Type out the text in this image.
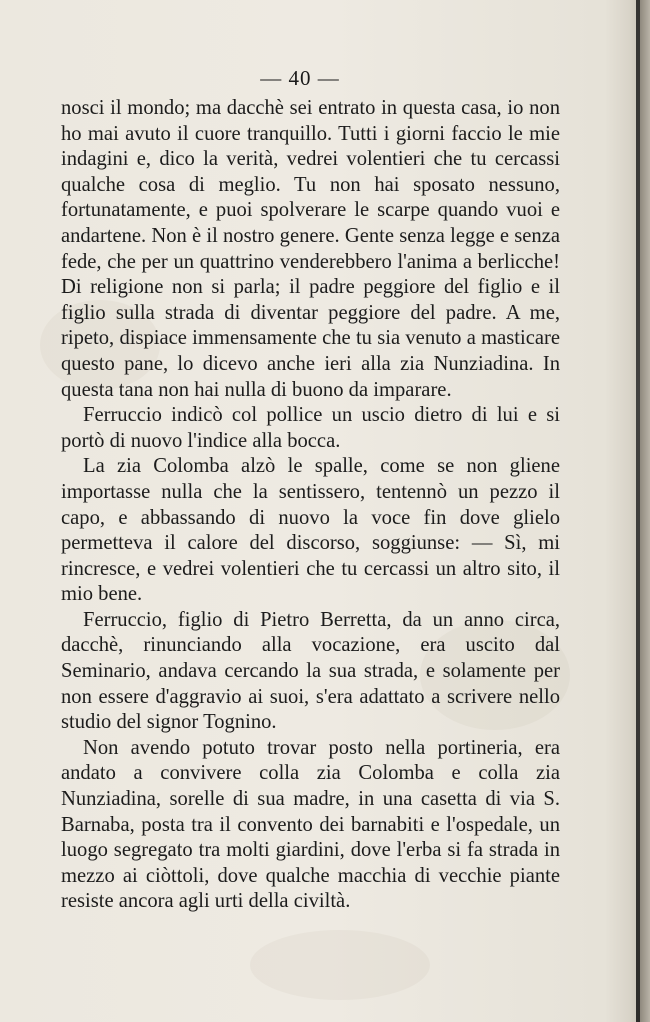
— 40 —

nosci il mondo; ma dacchè sei entrato in questa casa, io non ho mai avuto il cuore tranquillo. Tutti i giorni faccio le mie indagini e, dico la verità, vedrei volentieri che tu cercassi qualche cosa di meglio. Tu non hai sposato nessuno, fortunatamente, e puoi spolverare le scarpe quando vuoi e andartene. Non è il nostro genere. Gente senza legge e senza fede, che per un quattrino venderebbero l'anima a berlicche! Di religione non si parla; il padre peggiore del figlio e il figlio sulla strada di diventar peggiore del padre. A me, ripeto, dispiace immensamente che tu sia venuto a masticare questo pane, lo dicevo anche ieri alla zia Nunziadina. In questa tana non hai nulla di buono da imparare.

Ferruccio indicò col pollice un uscio dietro di lui e si portò di nuovo l'indice alla bocca.

La zia Colomba alzò le spalle, come se non gliene importasse nulla che la sentissero, tentennò un pezzo il capo, e abbassando di nuovo la voce fin dove glielo permetteva il calore del discorso, soggiunse: — Sì, mi rincresce, e vedrei volentieri che tu cercassi un altro sito, il mio bene.

Ferruccio, figlio di Pietro Berretta, da un anno circa, dacchè, rinunciando alla vocazione, era uscito dal Seminario, andava cercando la sua strada, e solamente per non essere d'aggravio ai suoi, s'era adattato a scrivere nello studio del signor Tognino.

Non avendo potuto trovar posto nella portineria, era andato a convivere colla zia Colomba e colla zia Nunziadina, sorelle di sua madre, in una casetta di via S. Barnaba, posta tra il convento dei barnabiti e l'ospedale, un luogo segregato tra molti giardini, dove l'erba si fa strada in mezzo ai ciòttoli, dove qualche macchia di vecchie piante resiste ancora agli urti della civiltà.
